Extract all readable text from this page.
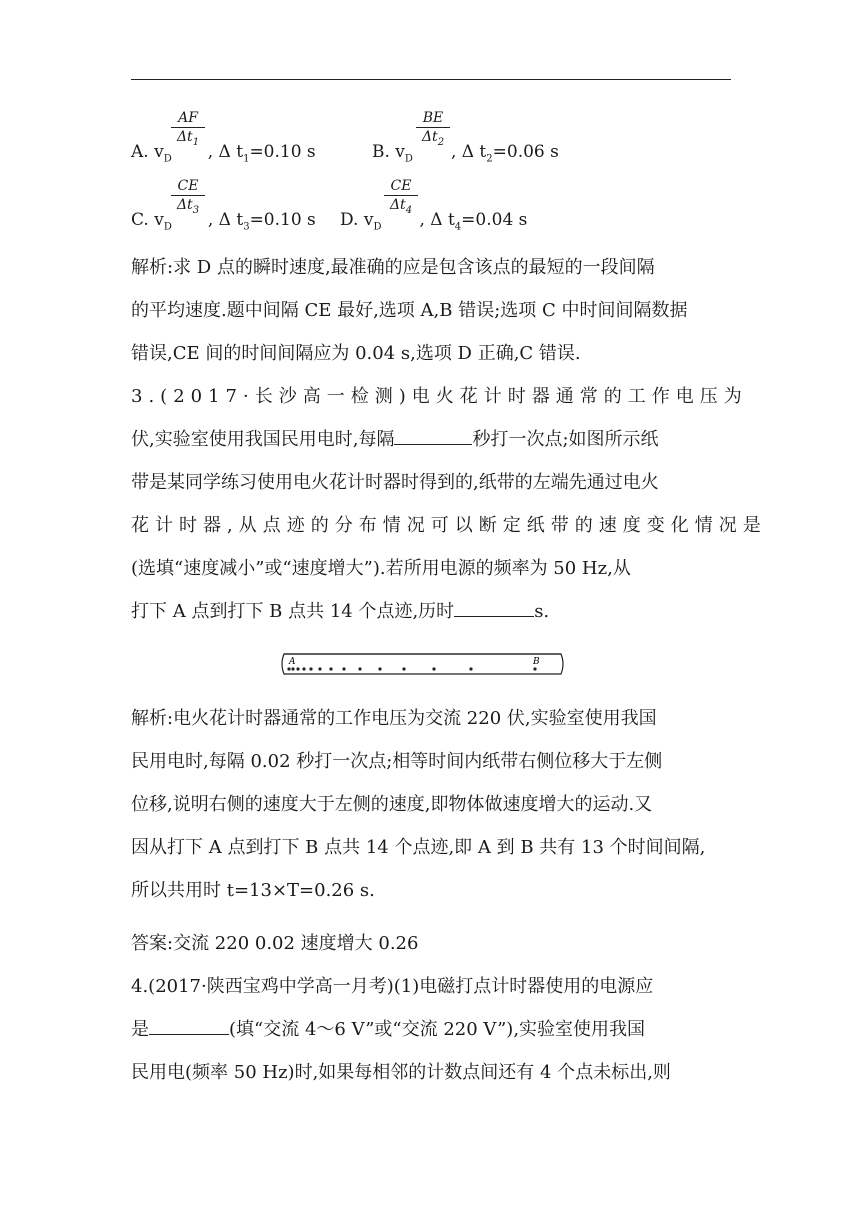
$\frac{AF}{\Delta t_1}$
A. $v_D$ , Δ $t_1=0.10$ s
$\frac{BE}{\Delta t_2}$
B. $v_D$ , Δ $t_2=0.06$ s
$\frac{CE}{\Delta t_3}$
C. $v_D$ , Δ $t_3=0.10$ s
$\frac{CE}{\Delta t_4}$
D. $v_D$ , Δ $t_4=0.04$ s
解析:求 D 点的瞬时速度,最准确的应是包含该点的最短的一段间隔
的平均速度.题中间隔 CE 最好,选项 A,B 错误;选项 C 中时间间隔数据
错误,CE 间的时间间隔应为 0.04 s,选项 D 正确,C 错误.
3.(2017·长沙高一检测)电火花计时器通常的工作电压为
伏,实验室使用我国民用电时,每隔	秒打一次点;如图所示纸
带是某同学练习使用电火花计时器时得到的,纸带的左端先通过电火
花计时器,从点迹的分布情况可以断定纸带的速度变化情况是
(选填“速度减小”或“速度增大”).若所用电源的频率为 50 Hz,从
打下 A 点到打下 B 点共 14 个点迹,历时	s.
A	B
解析:电火花计时器通常的工作电压为交流 220 伏,实验室使用我国
民用电时,每隔 0.02 秒打一次点;相等时间内纸带右侧位移大于左侧
位移,说明右侧的速度大于左侧的速度,即物体做速度增大的运动.又
因从打下 A 点到打下 B 点共 14 个点迹,即 A 到 B 共有 13 个时间间隔,
所以共用时 t=13×T=0.26 s.
答案:交流 220 0.02 速度增大 0.26
4.(2017·陕西宝鸡中学高一月考)(1)电磁打点计时器使用的电源应
是	(填“交流 4～6 V”或“交流 220 V”),实验室使用我国
民用电(频率 50 Hz)时,如果每相邻的计数点间还有 4 个点未标出,则
